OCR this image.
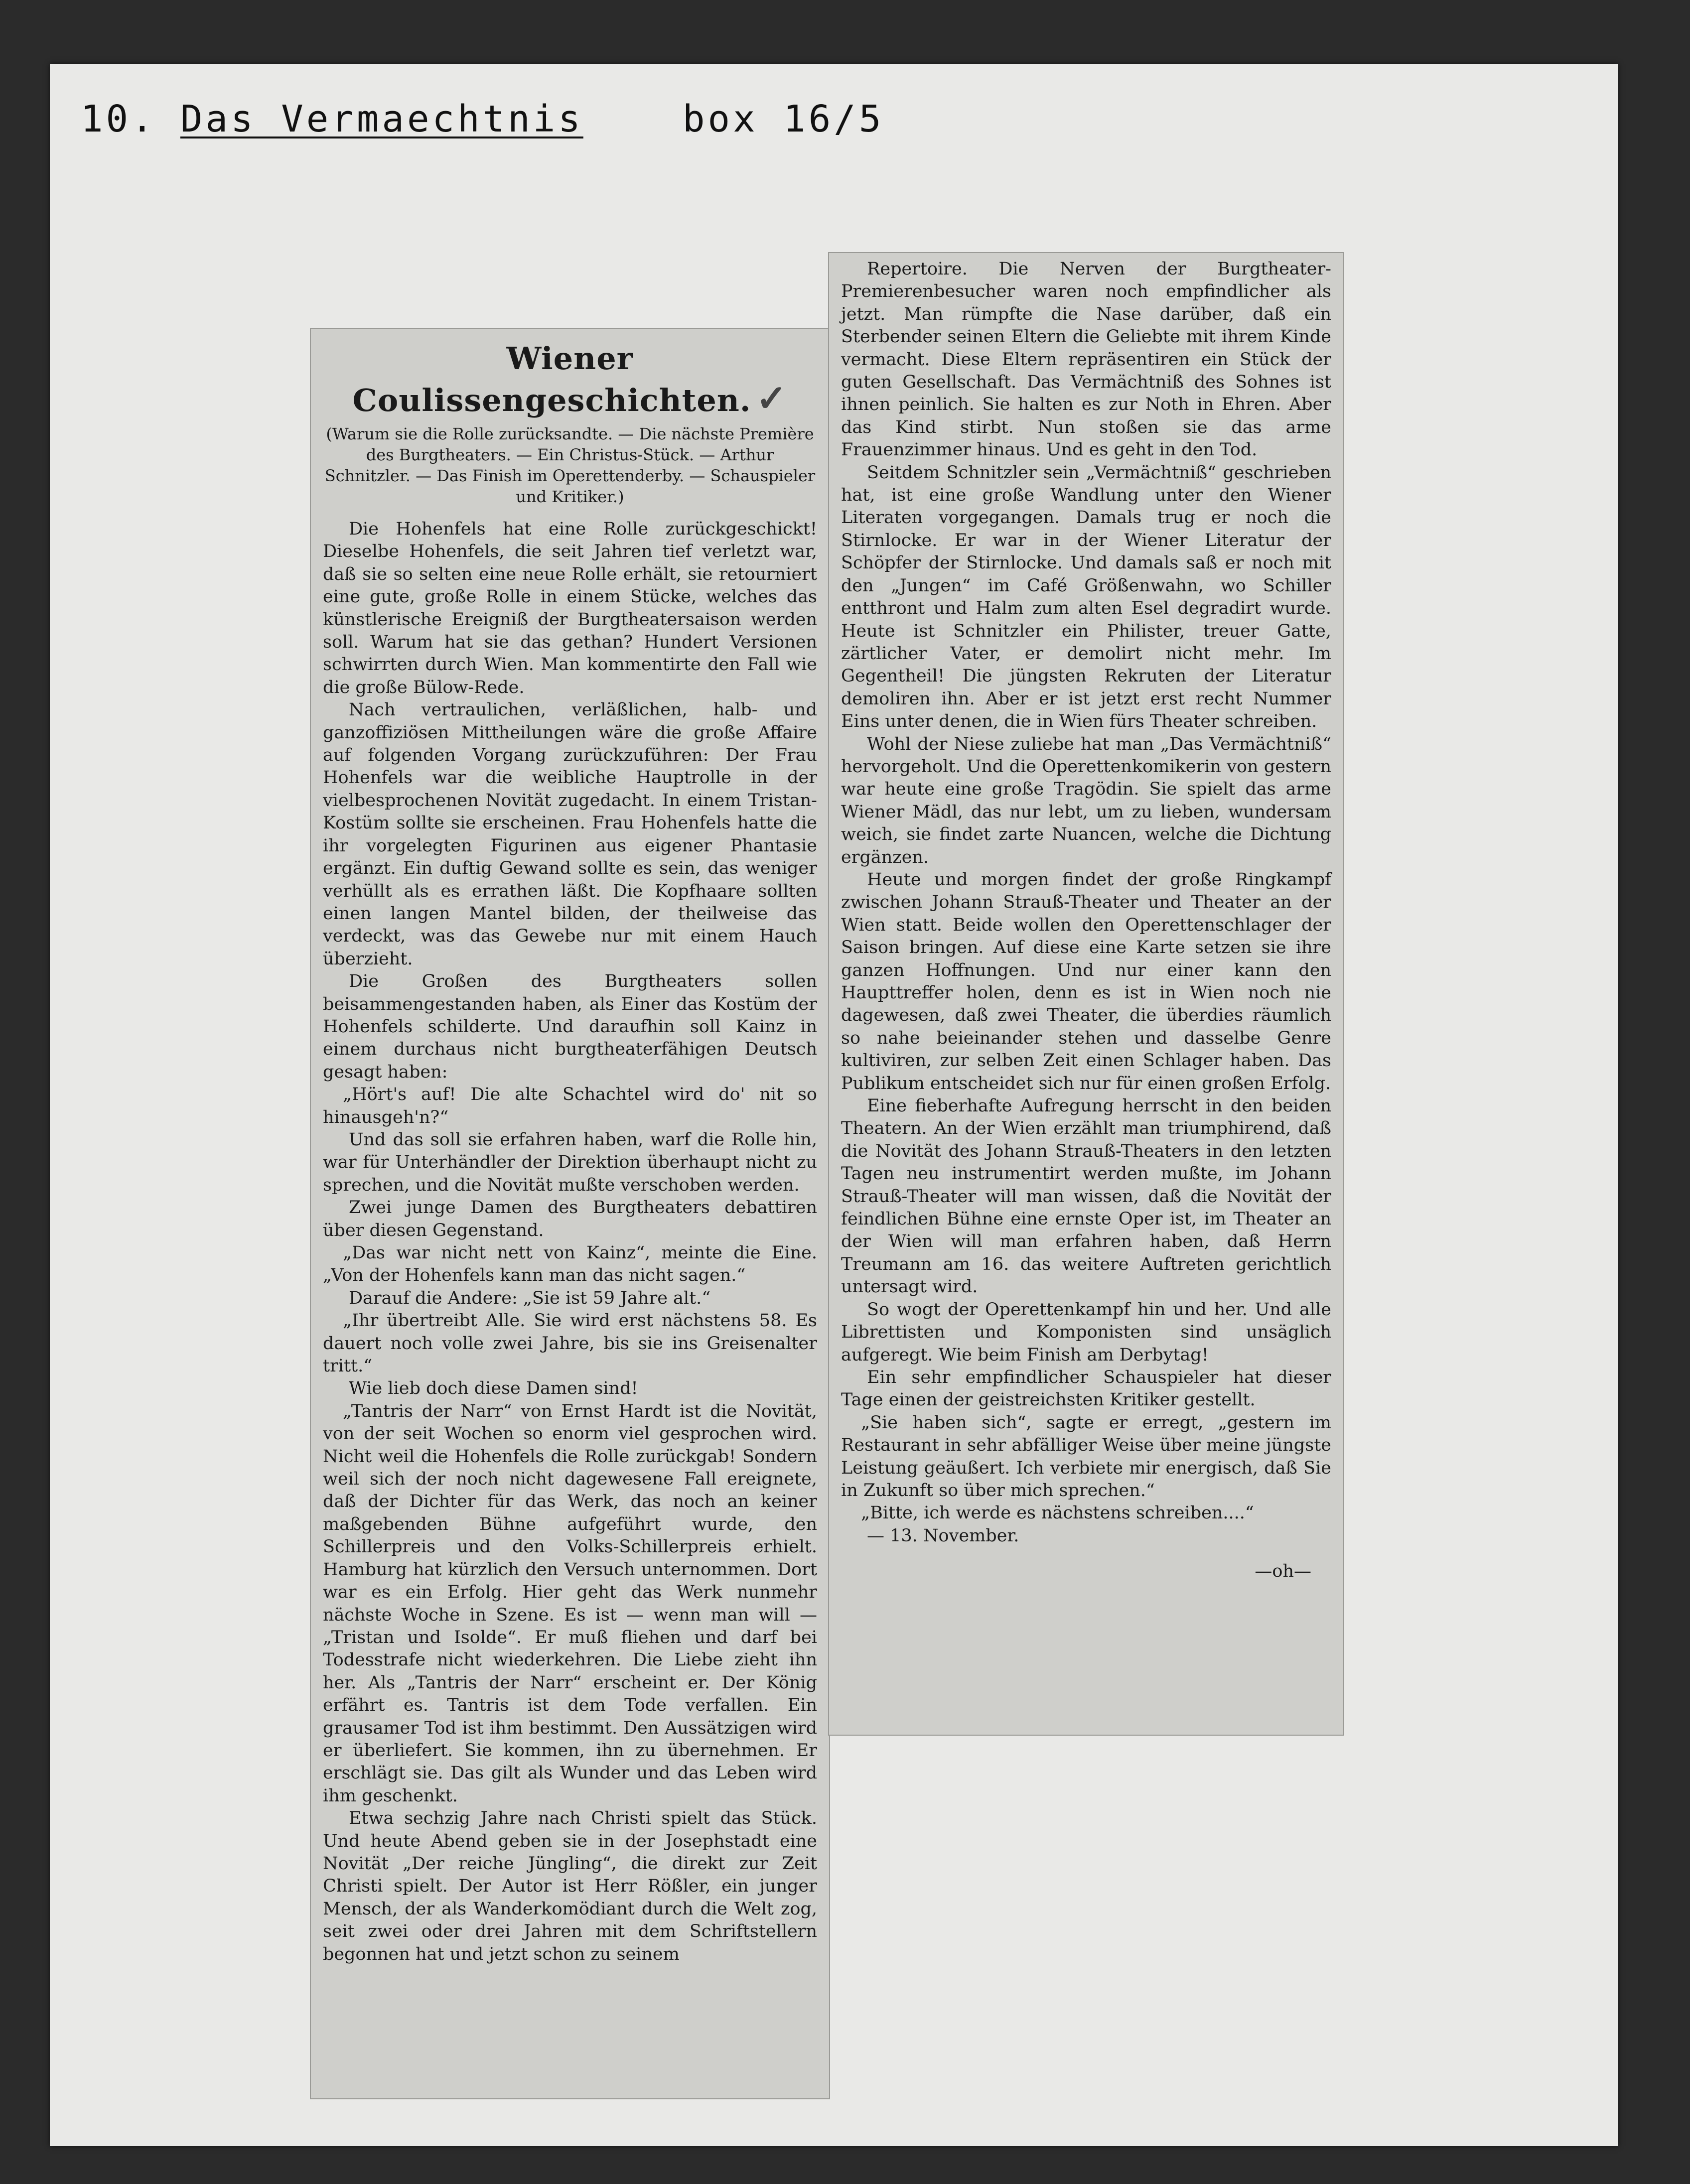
10. Das Vermaechtnis	box 16/5
Wiener Coulissengeschichten. ✓
(Warum sie die Rolle zurücksandte. — Die nächste Première des Burgtheaters. — Ein Christus-Stück. — Arthur Schnitzler. — Das Finish im Operettenderby. — Schauspieler und Kritiker.)

Die Hohenfels hat eine Rolle zurückgeschickt! Dieselbe Hohenfels, die seit Jahren tief verletzt war, daß sie so selten eine neue Rolle erhält, sie retourniert eine gute, große Rolle in einem Stücke, welches das künstlerische Ereigniß der Burgtheatersaison werden soll. Warum hat sie das gethan? Hundert Versionen schwirrten durch Wien. Man kommentirte den Fall wie die große Bülow-Rede.

Nach vertraulichen, verläßlichen, halb- und ganzoffiziösen Mittheilungen wäre die große Affaire auf folgenden Vorgang zurückzuführen: Der Frau Hohenfels war die weibliche Hauptrolle in der vielbesprochenen Novität zugedacht. In einem Tristan-Kostüm sollte sie erscheinen. Frau Hohenfels hatte die ihr vorgelegten Figurinen aus eigener Phantasie ergänzt. Ein duftig Gewand sollte es sein, das weniger verhüllt als es errathen läßt. Die Kopfhaare sollten einen langen Mantel bilden, der theilweise das verdeckt, was das Gewebe nur mit einem Hauch überzieht.

Die Großen des Burgtheaters sollen beisammengestanden haben, als Einer das Kostüm der Hohenfels schilderte. Und daraufhin soll Kainz in einem durchaus nicht burgtheaterfähigen Deutsch gesagt haben:

„Hört's auf! Die alte Schachtel wird do' nit so hinausgeh'n?“

Und das soll sie erfahren haben, warf die Rolle hin, war für Unterhändler der Direktion überhaupt nicht zu sprechen, und die Novität mußte verschoben werden.

Zwei junge Damen des Burgtheaters debattiren über diesen Gegenstand.

„Das war nicht nett von Kainz“, meinte die Eine. „Von der Hohenfels kann man das nicht sagen.“

Darauf die Andere: „Sie ist 59 Jahre alt.“

„Ihr übertreibt Alle. Sie wird erst nächstens 58. Es dauert noch volle zwei Jahre, bis sie ins Greisenalter tritt.“

Wie lieb doch diese Damen sind!

„Tantris der Narr“ von Ernst Hardt ist die Novität, von der seit Wochen so enorm viel gesprochen wird. Nicht weil die Hohenfels die Rolle zurückgab! Sondern weil sich der noch nicht dagewesene Fall ereignete, daß der Dichter für das Werk, das noch an keiner maßgebenden Bühne aufgeführt wurde, den Schillerpreis und den Volks-Schillerpreis erhielt. Hamburg hat kürzlich den Versuch unternommen. Dort war es ein Erfolg. Hier geht das Werk nunmehr nächste Woche in Szene. Es ist — wenn man will — „Tristan und Isolde“. Er muß fliehen und darf bei Todesstrafe nicht wiederkehren. Die Liebe zieht ihn her. Als „Tantris der Narr“ erscheint er. Der König erfährt es. Tantris ist dem Tode verfallen. Ein grausamer Tod ist ihm bestimmt. Den Aussätzigen wird er überliefert. Sie kommen, ihn zu übernehmen. Er erschlägt sie. Das gilt als Wunder und das Leben wird ihm geschenkt.

Etwa sechzig Jahre nach Christi spielt das Stück. Und heute Abend geben sie in der Josephstadt eine Novität „Der reiche Jüngling“, die direkt zur Zeit Christi spielt. Der Autor ist Herr Rößler, ein junger Mensch, der als Wanderkomödiant durch die Welt zog, seit zwei oder drei Jahren mit dem Schriftstellern begonnen hat und jetzt schon zu seinem

Repertoire. Die Nerven der Burgtheater-Premierenbesucher waren noch empfindlicher als jetzt. Man rümpfte die Nase darüber, daß ein Sterbender seinen Eltern die Geliebte mit ihrem Kinde vermacht. Diese Eltern repräsentiren ein Stück der guten Gesellschaft. Das Vermächtniß des Sohnes ist ihnen peinlich. Sie halten es zur Noth in Ehren. Aber das Kind stirbt. Nun stoßen sie das arme Frauenzimmer hinaus. Und es geht in den Tod.

Seitdem Schnitzler sein „Vermächtniß“ geschrieben hat, ist eine große Wandlung unter den Wiener Literaten vorgegangen. Damals trug er noch die Stirnlocke. Er war in der Wiener Literatur der Schöpfer der Stirnlocke. Und damals saß er noch mit den „Jungen“ im Café Größenwahn, wo Schiller entthront und Halm zum alten Esel degradirt wurde. Heute ist Schnitzler ein Philister, treuer Gatte, zärtlicher Vater, er demolirt nicht mehr. Im Gegentheil! Die jüngsten Rekruten der Literatur demoliren ihn. Aber er ist jetzt erst recht Nummer Eins unter denen, die in Wien fürs Theater schreiben.

Wohl der Niese zuliebe hat man „Das Vermächtniß“ hervorgeholt. Und die Operettenkomikerin von gestern war heute eine große Tragödin. Sie spielt das arme Wiener Mädl, das nur lebt, um zu lieben, wundersam weich, sie findet zarte Nuancen, welche die Dichtung ergänzen.

Heute und morgen findet der große Ringkampf zwischen Johann Strauß-Theater und Theater an der Wien statt. Beide wollen den Operettenschlager der Saison bringen. Auf diese eine Karte setzen sie ihre ganzen Hoffnungen. Und nur einer kann den Haupttreffer holen, denn es ist in Wien noch nie dagewesen, daß zwei Theater, die überdies räumlich so nahe beieinander stehen und dasselbe Genre kultiviren, zur selben Zeit einen Schlager haben. Das Publikum entscheidet sich nur für einen großen Erfolg.

Eine fieberhafte Aufregung herrscht in den beiden Theatern. An der Wien erzählt man triumphirend, daß die Novität des Johann Strauß-Theaters in den letzten Tagen neu instrumentirt werden mußte, im Johann Strauß-Theater will man wissen, daß die Novität der feindlichen Bühne eine ernste Oper ist, im Theater an der Wien will man erfahren haben, daß Herrn Treumann am 16. das weitere Auftreten gerichtlich untersagt wird.

So wogt der Operettenkampf hin und her. Und alle Librettisten und Komponisten sind unsäglich aufgeregt. Wie beim Finish am Derbytag!

Ein sehr empfindlicher Schauspieler hat dieser Tage einen der geistreichsten Kritiker gestellt.

„Sie haben sich“, sagte er erregt, „gestern im Restaurant in sehr abfälliger Weise über meine jüngste Leistung geäußert. Ich verbiete mir energisch, daß Sie in Zukunft so über mich sprechen.“

„Bitte, ich werde es nächstens schreiben....“

— 13. November.

—oh—
